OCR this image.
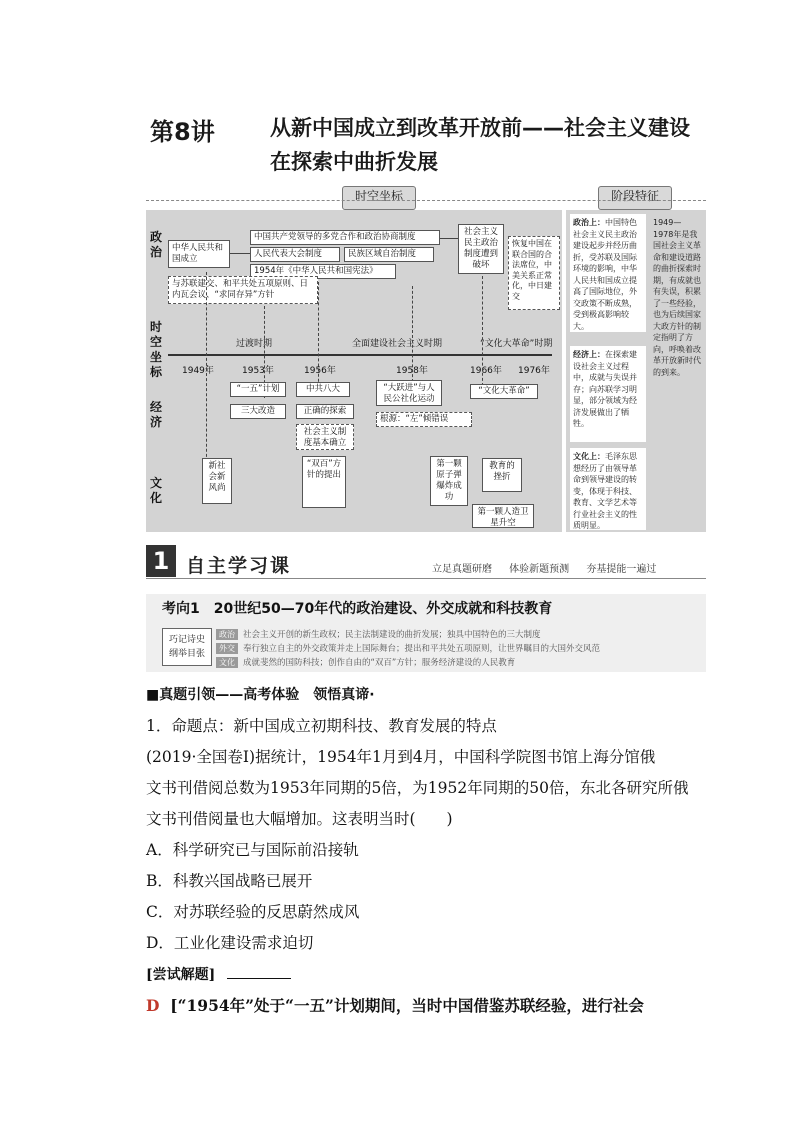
第8讲	从新中国成立到改革开放前——社会主义建设
在探索中曲折发展
时空坐标	阶段特征
政治
时空坐标
经济
文化
中华人民共和国成立
中国共产党领导的多党合作和政治协商制度
人民代表大会制度	民族区域自治制度
1954年《中华人民共和国宪法》
与苏联建交、和平共处五项原则、日内瓦会议、“求同存异”方针
社会主义民主政治制度遭到破坏
恢复中国在联合国的合法席位，中美关系正常化，中日建交
过渡时期	全面建设社会主义时期	“文化大革命”时期
1949年	1953年	1956年	1958年	1966年 1976年
“一五”计划
三大改造
中共八大
正确的探索
社会主义制度基本确立
“大跃进”与人民公社化运动
根源：“左”倾错误
“文化大革命”
新社会新风尚
“双百”方针的提出
第一颗原子弹爆炸成功
教育的挫折
第一颗人造卫星升空
政治上：中国特色社会主义民主政治建设起步并经历曲折，受苏联及国际环境的影响，中华人民共和国成立提高了国际地位，外交政策不断成熟，受到极高影响较大。
经济上：在探索建设社会主义过程中，成就与失误并存；向苏联学习明显，部分领域为经济发展做出了牺牲。
文化上：毛泽东思想经历了由领导革命到领导建设的转变，体现于科技、教育、文学艺术等行业社会主义的性质明显。
1949—1978年是我国社会主义革命和建设道路的曲折探索时期，有成就也有失误，积累了一些经验，也为后续国家大政方针的制定指明了方向，呼唤着改革开放新时代的到来。
1 自主学习课	立足真题研磨 体验新题预测 夯基提能一遍过
考向1 20世纪50—70年代的政治建设、外交成就和科技教育
巧记诗史
纲举目张
政治 社会主义开创的新生政权；民主法制建设的曲折发展；独具中国特色的三大制度
外交 奉行独立自主的外交政策并走上国际舞台；提出和平共处五项原则，让世界瞩目的大国外交风范
文化 成就斐然的国防科技；创作自由的“双百”方针；服务经济建设的人民教育
■真题引领——高考体验　领悟真谛·
1．命题点：新中国成立初期科技、教育发展的特点
(2019·全国卷Ⅰ)据统计，1954年1月到4月，中国科学院图书馆上海分馆俄
文书刊借阅总数为1953年同期的5倍，为1952年同期的50倍，东北各研究所俄
文书刊借阅量也大幅增加。这表明当时(　　)
A．科学研究已与国际前沿接轨
B．科教兴国战略已展开
C．对苏联经验的反思蔚然成风
D．工业化建设需求迫切
[尝试解题]
D [“1954年”处于“一五”计划期间，当时中国借鉴苏联经验，进行社会
